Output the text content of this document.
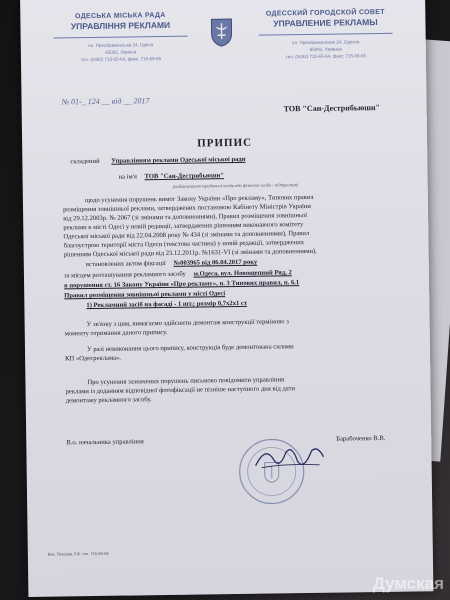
ОДЕСЬКА МІСЬКА РАДА
УПРАВЛІННЯ РЕКЛАМИ
пл. Преображенська 24, Одеса
65082, Україна
тел. (0482) 715-65-64, факс: 715-65-65
ОДЕССКИЙ ГОРОДСКОЙ СОВЕТ
УПРАВЛЕНИЕ РЕКЛАМЫ
пл. Преображенская 24, Одесса
65082, Украина
тел. (0482) 715-65-64, факс: 715-65-65
№ 01-_ 124 __ від __ 2017
ТОВ "Сан-Дестрибьюшн"
ПРИПИС
складений Управлінням реклами Одеської міської ради
на ім'я ТОВ "Сан-Дестрибьюшн"
(найменування юридичної особи або фізичної особи - підприємця)
щодо усунення порушень вимог Закону України «Про рекламу», Типових правил
розміщення зовнішньої реклами, затверджених постановою Кабінету Міністрів України
від 29.12.2003р. № 2067 (зі змінами та доповненнями), Правил розміщення зовнішньої
реклами в місті Одесі у новій редакції, затверджених рішенням виконавчого комітету
Одеської міської ради від 22.04.2008 року № 434 (зі змінами та доповненнями), Правил
благоустрою території міста Одеси (текстова частина) у новій редакції, затверджених
рішенням Одеської міської ради від 23.12.2011р. №1631-VI (зі змінами та доповненнями),
встановлених актом фіксації №003965 від 06.04.2017 року
за місцем розташування рекламного засобу м.Одеса, вул. Новощепний Ряд, 2
в порушення ст. 16 Закону України «Про рекламу», п. 3 Типових правил, п. 6.1
Правил розміщення зовнішньої реклами у місті Одесі
1) Рекламний засіб на фасаді - 1 шт.; розмір 0,7х2х1 ст
У зв'язку з цим, вимагаємо здійснити демонтаж конструкції терміново з
моменту отримання даного припису.
У разі невиконання цього припису, конструкція буде демонтована силами
КП «Одесреклама».
Про усунення зазначених порушень письмово повідомити управління
реклами із доданням відповідної фотофіксації не пізніше наступного дня від дати
демонтажу рекламного засобу.
В.о. начальника управління	Барабоченко В.В.
Вик. Петрова Л.В. тел. 715-65-66
Думская
